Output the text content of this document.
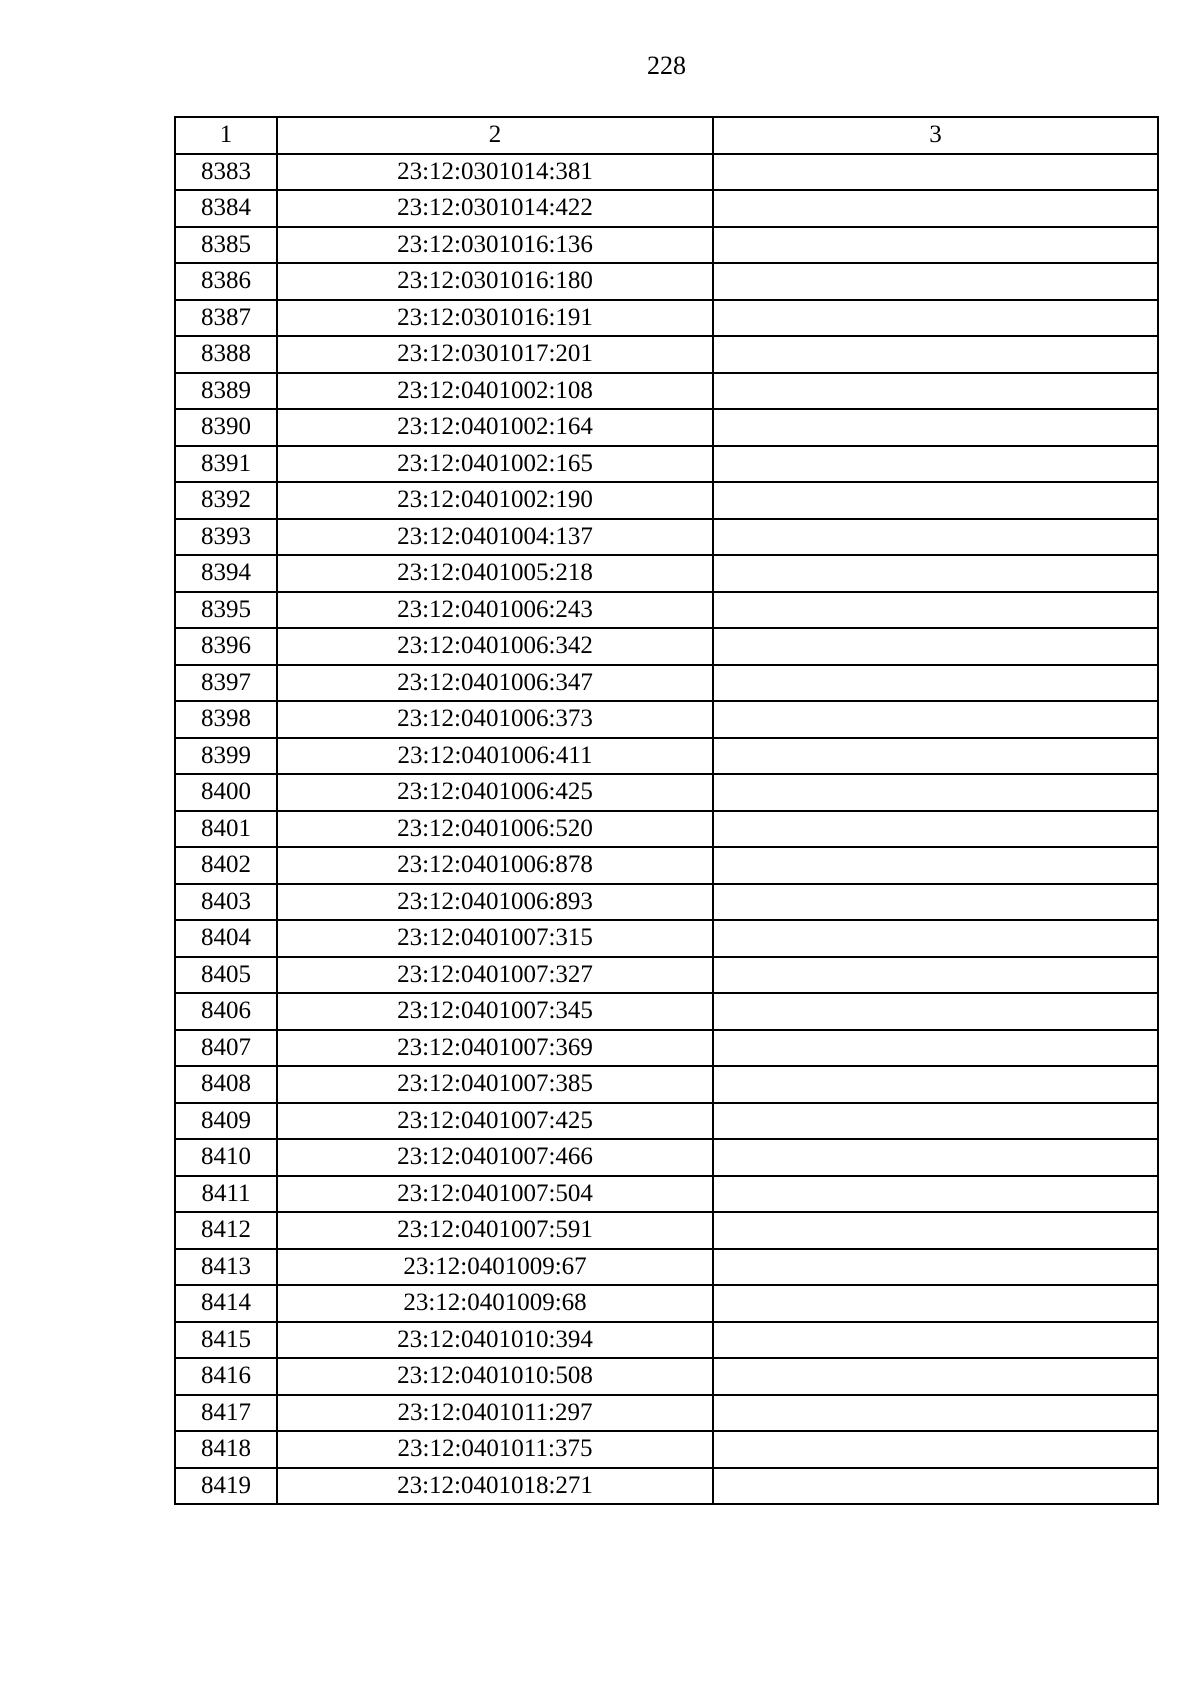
228
1	2	3
8383	23:12:0301014:381	
8384	23:12:0301014:422	
8385	23:12:0301016:136	
8386	23:12:0301016:180	
8387	23:12:0301016:191	
8388	23:12:0301017:201	
8389	23:12:0401002:108	
8390	23:12:0401002:164	
8391	23:12:0401002:165	
8392	23:12:0401002:190	
8393	23:12:0401004:137	
8394	23:12:0401005:218	
8395	23:12:0401006:243	
8396	23:12:0401006:342	
8397	23:12:0401006:347	
8398	23:12:0401006:373	
8399	23:12:0401006:411	
8400	23:12:0401006:425	
8401	23:12:0401006:520	
8402	23:12:0401006:878	
8403	23:12:0401006:893	
8404	23:12:0401007:315	
8405	23:12:0401007:327	
8406	23:12:0401007:345	
8407	23:12:0401007:369	
8408	23:12:0401007:385	
8409	23:12:0401007:425	
8410	23:12:0401007:466	
8411	23:12:0401007:504	
8412	23:12:0401007:591	
8413	23:12:0401009:67	
8414	23:12:0401009:68	
8415	23:12:0401010:394	
8416	23:12:0401010:508	
8417	23:12:0401011:297	
8418	23:12:0401011:375	
8419	23:12:0401018:271	
